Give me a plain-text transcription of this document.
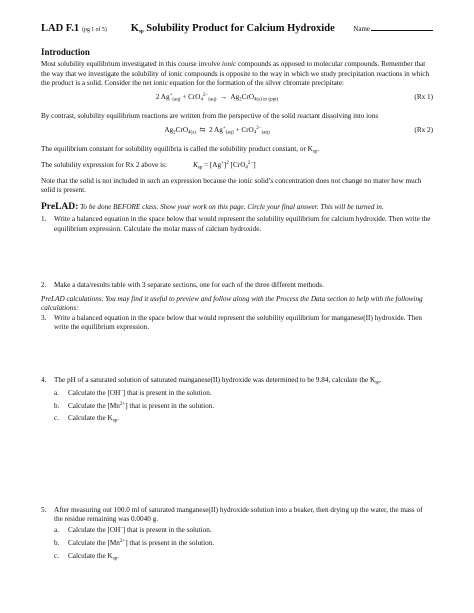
LAD F.1 (pg 1 of 5) $K_{sp}$ Solubility Product for Calcium Hydroxide	Name
Introduction

Most solubility equilibrium investigated in this course involve ionic compounds as opposed to molecular compounds. Remember that the way that we investigate the solubility of ionic compounds is opposite to the way in which we study precipitation reactions in which the product is a solid. Consider the net ionic equation for the formation of the silver chromate precipitate:

2 $Ag^+_{(aq)} + CrO_4^{2-}_{(aq)} \to Ag_2CrO_{4(s) or (ppt)}$	(Rx 1)

By contrast, solubility equilibrium reactions are written from the perspective of the solid reactant dissolving into ions

$Ag_2CrO_{4(s)}$  ⇆  2 $Ag^+_{(aq)} + CrO_4^{2-}_{(aq)}$	(Rx 2)

The equilibrium constant for solubility equilibria is called the solubility product constant, or $K_{sp}$.

The solubility expression for Rx 2 above is:	$K_{sp} = [Ag^+]^2$ [CrO$_4^{2-}$]

Note that the solid is not included in such an expression because the ionic solid’s concentration does not change no mater how much solid is present.

PreLAD: To be done BEFORE class. Show your work on this page. Circle your final answer. This will be turned in.
1.	Write a balanced equation in the space below that would represent the solubility equilibrium for calcium hydroxide. Then write the equilibrium expression. Calculate the molar mass of calcium hydroxide.
2.	Make a data/results table with 3 separate sections, one for each of the three different methods.

PreLAD calculations. You may find it useful to preview and follow along with the Process the Data section to help with the following calculations:

3.	Write a balanced equation in the space below that would represent the solubility equilibrium for manganese(II) hydroxide. Then write the equilibrium expression.
4.	The pH of a saturated solution of saturated manganese(II) hydroxide was determined to be 9.84, calculate the $K_{sp}$.
a.	Calculate the [OH–] that is present in the solution.
b.	Calculate the $[Mn^{2+}]$ that is present in the solution.
c.	Calculate the $K_{sp}$.
5.	After measuring out 100.0 ml of saturated manganese(II) hydroxide solution into a beaker, then drying up the water, the mass of the residue remaining was 0.0040 g.
a.	Calculate the [OH–] that is present in the solution.
b.	Calculate the $[Mn^{2+}]$ that is present in the solution.
c.	Calculate the $K_{sp}$.
